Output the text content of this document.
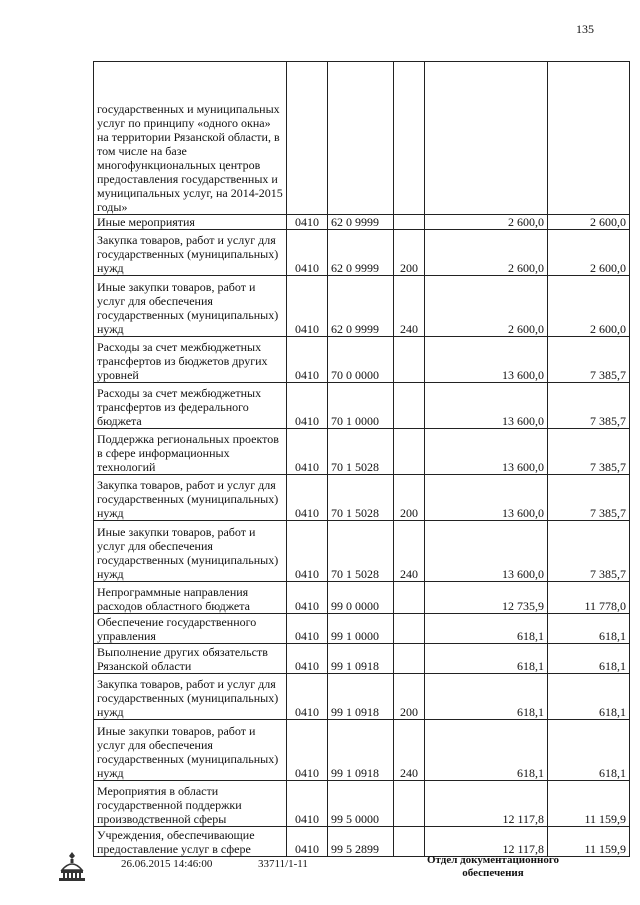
135
государственных и муниципальных услуг по принципу «одного окна» на территории Рязанской области, в том числе на базе многофункциональных центров предоставления государственных и муниципальных услуг, на 2014-2015 годы»					
Иные мероприятия	0410	62 0 9999		2 600,0	2 600,0
Закупка товаров, работ и услуг для государственных (муниципальных) нужд	0410	62 0 9999	200	2 600,0	2 600,0
Иные закупки товаров, работ и услуг для обеспечения государственных (муниципальных) нужд	0410	62 0 9999	240	2 600,0	2 600,0
Расходы за счет межбюджетных трансфертов из бюджетов других уровней	0410	70 0 0000		13 600,0	7 385,7
Расходы за счет межбюджетных трансфертов из федерального бюджета	0410	70 1 0000		13 600,0	7 385,7
Поддержка региональных проектов в сфере информационных технологий	0410	70 1 5028		13 600,0	7 385,7
Закупка товаров, работ и услуг для государственных (муниципальных) нужд	0410	70 1 5028	200	13 600,0	7 385,7
Иные закупки товаров, работ и услуг для обеспечения государственных (муниципальных) нужд	0410	70 1 5028	240	13 600,0	7 385,7
Непрограммные направления расходов областного бюджета	0410	99 0 0000		12 735,9	11 778,0
Обеспечение государственного управления	0410	99 1 0000		618,1	618,1
Выполнение других обязательств Рязанской области	0410	99 1 0918		618,1	618,1
Закупка товаров, работ и услуг для государственных (муниципальных) нужд	0410	99 1 0918	200	618,1	618,1
Иные закупки товаров, работ и услуг для обеспечения государственных (муниципальных) нужд	0410	99 1 0918	240	618,1	618,1
Мероприятия в области государственной поддержки производственной сферы	0410	99 5 0000		12 117,8	11 159,9
Учреждения, обеспечивающие предоставление услуг в сфере	0410	99 5 2899		12 117,8	11 159,9
26.06.2015 14:46:00	33711/1-11	Отдел документационного обеспечения
